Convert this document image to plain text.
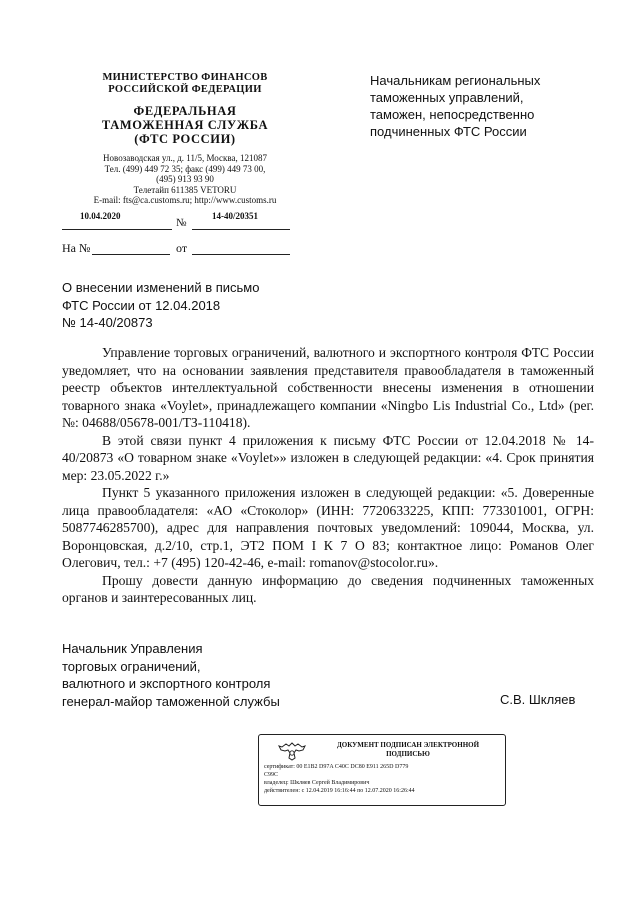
МИНИСТЕРСТВО ФИНАНСОВ
РОССИЙСКОЙ ФЕДЕРАЦИИ
ФЕДЕРАЛЬНАЯ
ТАМОЖЕННАЯ СЛУЖБА
(ФТС РОССИИ)
Новозаводская ул., д. 11/5, Москва, 121087
Тел. (499) 449 72 35; факс (499) 449 73 00,
(495) 913 93 90
Телетайп 611385 VETORU
E-mail: fts@ca.customs.ru; http://www.customs.ru
10.04.2020
№
14-40/20351
На №	от
Начальникам региональных
таможенных управлений,
таможен, непосредственно
подчиненных ФТС России
О внесении изменений в письмо
ФТС России от 12.04.2018
№ 14-40/20873

Управление торговых ограничений, валютного и экспортного контроля ФТС России уведомляет, что на основании заявления представителя правообладателя в таможенный реестр объектов интеллектуальной собственности внесены изменения в отношении товарного знака «Voylet», принадлежащего компании «Ningbo Lis Industrial Co., Ltd» (рег.№: 04688/05678-001/ТЗ-110418).

В этой связи пункт 4 приложения к письму ФТС России от 12.04.2018 № 14-40/20873 «О товарном знаке «Voylet»» изложен в следующей редакции: «4. Срок принятия мер: 23.05.2022 г.»

Пункт 5 указанного приложения изложен в следующей редакции: «5. Доверенные лица правообладателя: «АО «Стоколор» (ИНН: 7720633225, КПП: 773301001, ОГРН: 5087746285700), адрес для направления почтовых уведомлений: 109044, Москва, ул. Воронцовская, д.2/10, стр.1, ЭТ2 ПОМ I К 7 О 83; контактное лицо: Романов Олег Олегович, тел.: +7 (495) 120-42-46, e-mail: romanov@stocolor.ru».

Прошу довести данную информацию до сведения подчиненных таможенных органов и заинтересованных лиц.

Начальник Управления
торговых ограничений,
валютного и экспортного контроля
генерал-майор таможенной службы	С.В. Шкляев
ДОКУМЕНТ ПОДПИСАН ЭЛЕКТРОННОЙ
ПОДПИСЬЮ
сертификат: 00 E1B2 D97A C40C DC80 E911 265D D779
C99C
владелец: Шкляев Сергей Владимирович
действителен: с 12.04.2019 16:16:44 по 12.07.2020 16:26:44
